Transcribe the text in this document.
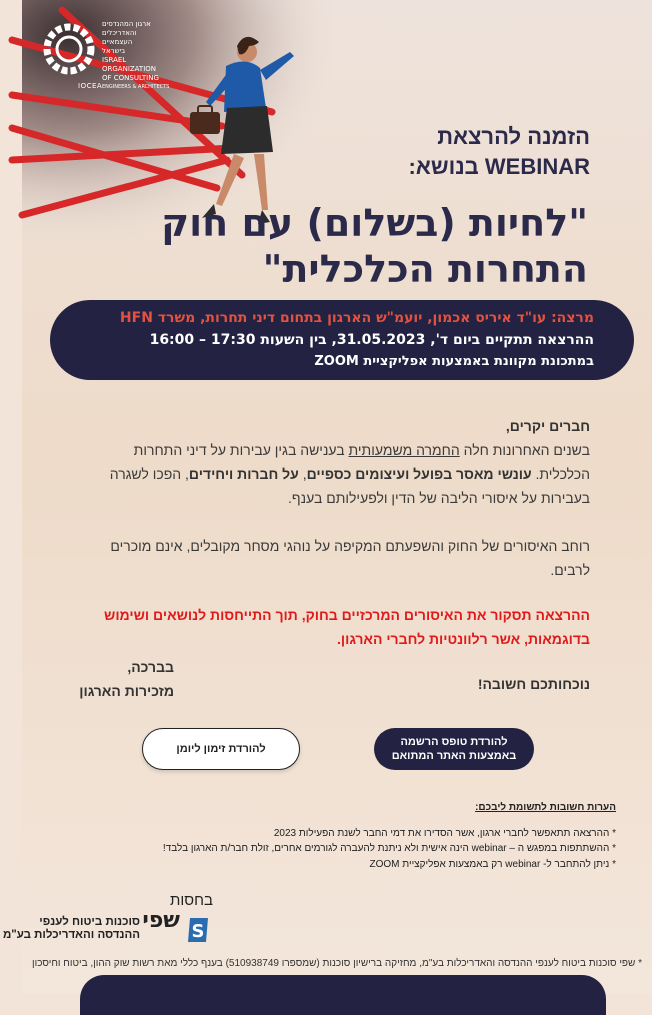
ארגון המהנדסים
והאדריכלים
העצמאיים
בישראל
ISRAEL
ORGANIZATION
OF CONSULTING
ENGINEERS & ARCHITECTS
IOCEA
הזמנה להרצאת
WEBINAR בנושא:
"לחיות (בשלום) עם חוק
התחרות הכלכלית"
מרצה: עו"ד איריס אכמון, יועמ"ש הארגון בתחום דיני תחרות, משרד HFN
ההרצאה תתקיים ביום ד', 31.05.2023, בין השעות 17:30 – 16:00
במתכונת מקוונת באמצעות אפליקציית ZOOM

חברים יקרים,
בשנים האחרונות חלה החמרה משמעותית בענישה בגין עבירות על דיני התחרות הכלכלית. עונשי מאסר בפועל ועיצומים כספיים, על חברות ויחידים, הפכו לשגרה בעבירות על איסורי הליבה של הדין ולפעילותם בענף.

רוחב האיסורים של החוק והשפעתם המקיפה על נוהגי מסחר מקובלים, אינם מוכרים לרבים.

ההרצאה תסקור את האיסורים המרכזיים בחוק, תוך התייחסות לנושאים ושימוש בדוגמאות, אשר רלוונטיות לחברי הארגון.

נוכחותכם חשובה!

בברכה,
מזכירות הארגון
להורדת טופס הרשמה באמצעות האתר המתואם
להורדת זימון ליומן
הערות חשובות לתשומת ליבכם:
* ההרצאה תתאפשר לחברי ארגון, אשר הסדירו את דמי החבר לשנת הפעילות 2023
* ההשתתפות במפגש ה – webinar הינה אישית ולא ניתנת להעברה לגורמים אחרים, זולת חבר/ת הארגון בלבד!
* ניתן להתחבר ל- webinar רק באמצעות אפליקציית ZOOM
בחסות
S
שפי
סוכנות ביטוח לענפי ההנדסה והאדריכלות בע"מ
* שפי סוכנות ביטוח לענפי ההנדסה והאדריכלות בע"מ, מחזיקה ברישיון סוכנות (שמספרו 510938749) בענף כללי מאת רשות שוק ההון, ביטוח וחיסכון
